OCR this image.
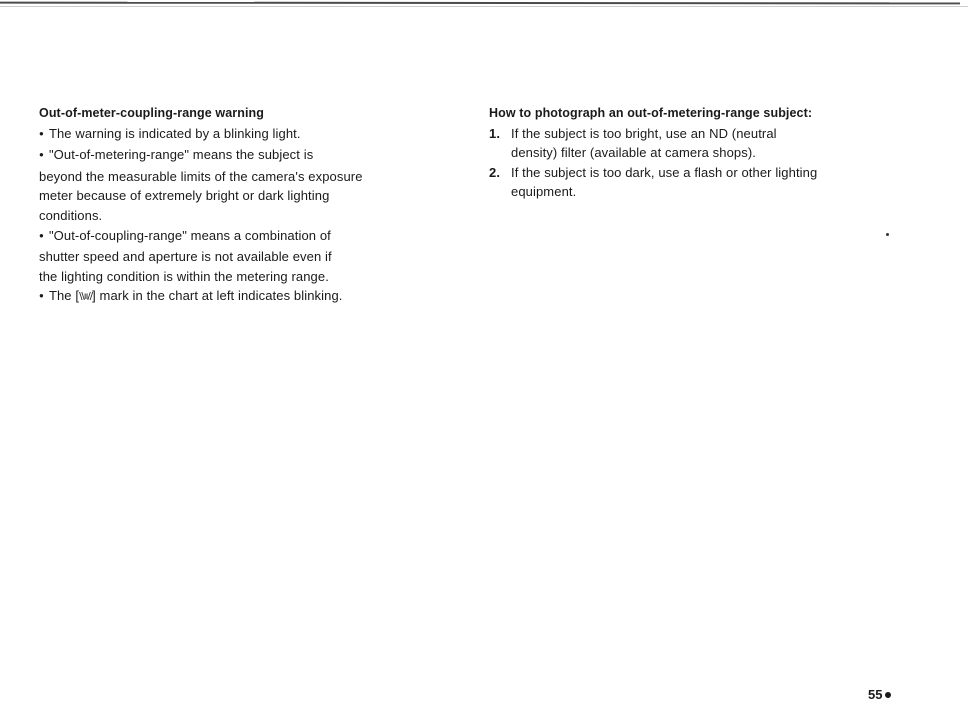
Out-of-meter-coupling-range warning

● The warning is indicated by a blinking light.

● "Out-of-metering-range" means the subject is

beyond the measurable limits of the camera's exposure

meter because of extremely bright or dark lighting

conditions.

● "Out-of-coupling-range" means a combination of

shutter speed and aperture is not available even if

the lighting condition is within the metering range.

● The [\\ıı//] mark in the chart at left indicates blinking.

How to photograph an out-of-metering-range subject:

1. If the subject is too bright, use an ND (neutral
density) filter (available at camera shops).
2. If the subject is too dark, use a flash or other lighting
equipment.
55
